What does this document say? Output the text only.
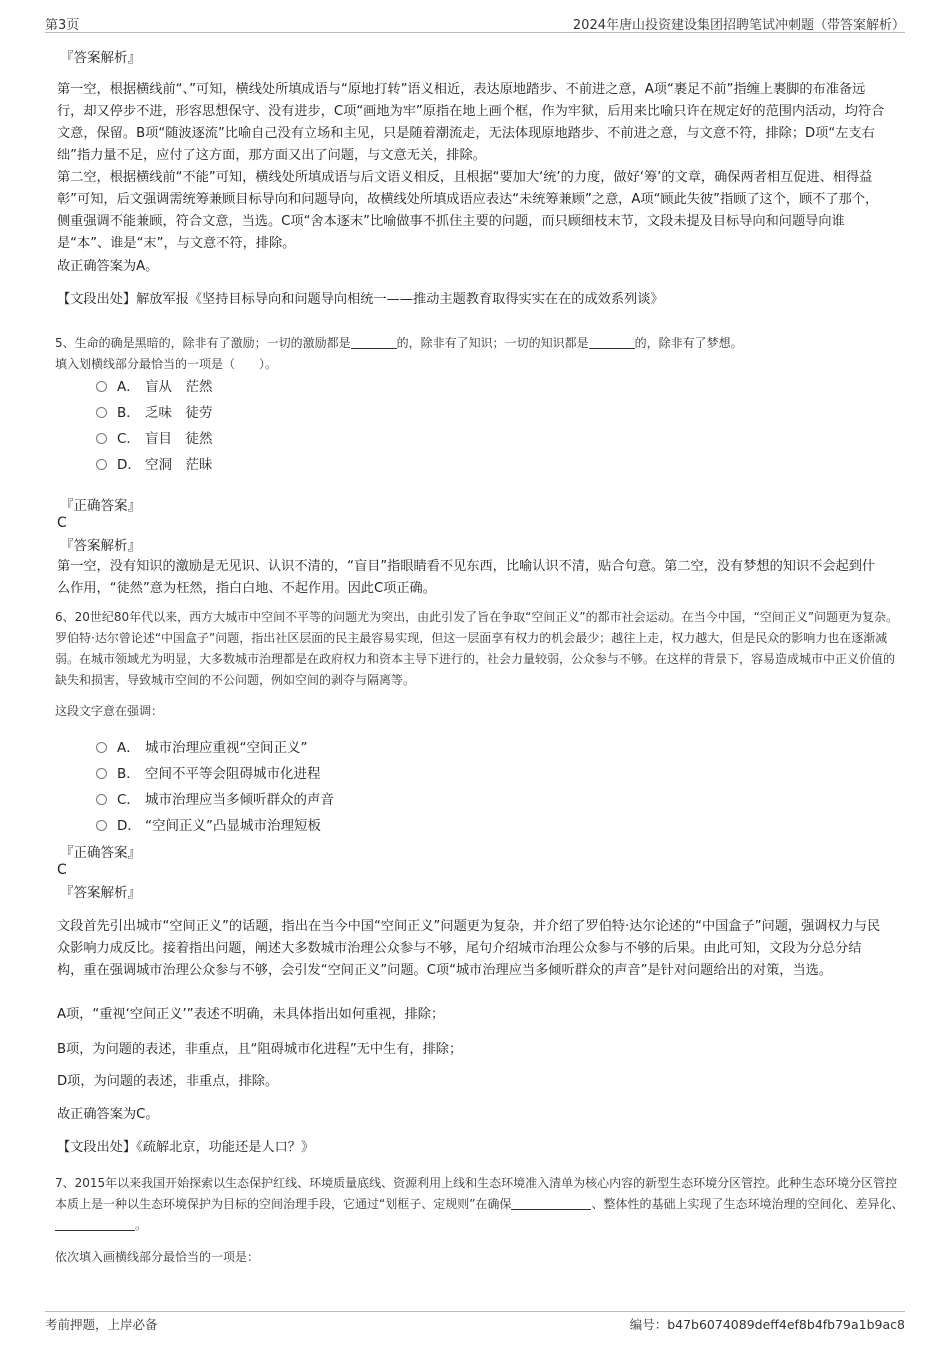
第3页	2024年唐山投资建设集团招聘笔试冲刺题（带答案解析）
『答案解析』

第一空，根据横线前“、”可知，横线处所填成语与“原地打转”语义相近，表达原地踏步、不前进之意，A项“裹足不前”指缠上裹脚的布准备远行，却又停步不进，形容思想保守、没有进步，C项“画地为牢”原指在地上画个框，作为牢狱，后用来比喻只许在规定好的范围内活动，均符合文意，保留。B项“随波逐流”比喻自己没有立场和主见，只是随着潮流走，无法体现原地踏步、不前进之意，与文意不符，排除；D项“左支右绌”指力量不足，应付了这方面，那方面又出了问题，与文意无关，排除。

第二空，根据横线前“不能”可知，横线处所填成语与后文语义相反，且根据“要加大‘统’的力度，做好‘筹’的文章，确保两者相互促进、相得益彰”可知，后文强调需统筹兼顾目标导向和问题导向，故横线处所填成语应表达“未统筹兼顾”之意，A项“顾此失彼”指顾了这个，顾不了那个，侧重强调不能兼顾，符合文意，当选。C项“舍本逐末”比喻做事不抓住主要的问题，而只顾细枝末节，文段未提及目标导向和问题导向谁是“本”、谁是“末”，与文意不符，排除。

故正确答案为A。

【文段出处】解放军报《坚持目标导向和问题导向相统一——推动主题教育取得实实在在的成效系列谈》

5、生命的确是黑暗的，除非有了激励；一切的激励都是	的，除非有了知识；一切的知识都是	的，除非有了梦想。
填入划横线部分最恰当的一项是（　　）。
A． 盲从　茫然
B． 乏味　徒劳
C． 盲目　徒然
D． 空洞　茫昧
『正确答案』
C
『答案解析』

第一空，没有知识的激励是无见识、认识不清的，“盲目”指眼睛看不见东西，比喻认识不清，贴合句意。第二空，没有梦想的知识不会起到什么作用，“徒然”意为枉然，指白白地、不起作用。因此C项正确。

6、20世纪80年代以来，西方大城市中空间不平等的问题尤为突出，由此引发了旨在争取“空间正义”的都市社会运动。在当今中国，“空间正义”问题更为复杂。罗伯特·达尔曾论述“中国盒子”问题，指出社区层面的民主最容易实现，但这一层面享有权力的机会最少；越往上走，权力越大，但是民众的影响力也在逐渐减弱。在城市领域尤为明显，大多数城市治理都是在政府权力和资本主导下进行的，社会力量较弱，公众参与不够。在这样的背景下，容易造成城市中正义价值的缺失和损害，导致城市空间的不公问题，例如空间的剥夺与隔离等。

这段文字意在强调：

A． 城市治理应重视“空间正义”
B． 空间不平等会阻碍城市化进程
C． 城市治理应当多倾听群众的声音
D． “空间正义”凸显城市治理短板
『正确答案』
C
『答案解析』

文段首先引出城市“空间正义”的话题，指出在当今中国“空间正义”问题更为复杂，并介绍了罗伯特·达尔论述的“中国盒子”问题，强调权力与民众影响力成反比。接着指出问题，阐述大多数城市治理公众参与不够，尾句介绍城市治理公众参与不够的后果。由此可知，文段为分总分结构，重在强调城市治理公众参与不够，会引发“空间正义”问题。C项“城市治理应当多倾听群众的声音”是针对问题给出的对策，当选。

A项，“重视‘空间正义’”表述不明确，未具体指出如何重视，排除；

B项，为问题的表述，非重点，且“阻碍城市化进程”无中生有，排除；

D项，为问题的表述，非重点，排除。

故正确答案为C。

【文段出处】《疏解北京，功能还是人口？》

7、2015年以来我国开始探索以生态保护红线、环境质量底线、资源利用上线和生态环境准入清单为核心内容的新型生态环境分区管控。此种生态环境分区管控本质上是一种以生态环境保护为目标的空间治理手段，它通过“划框子、定规则”在确保	、整体性的基础上实现了生态环境治理的空间化、差异化、。

依次填入画横线部分最恰当的一项是：

考前押题，上岸必备	编号：b47b6074089deff4ef8b4fb79a1b9ac8
